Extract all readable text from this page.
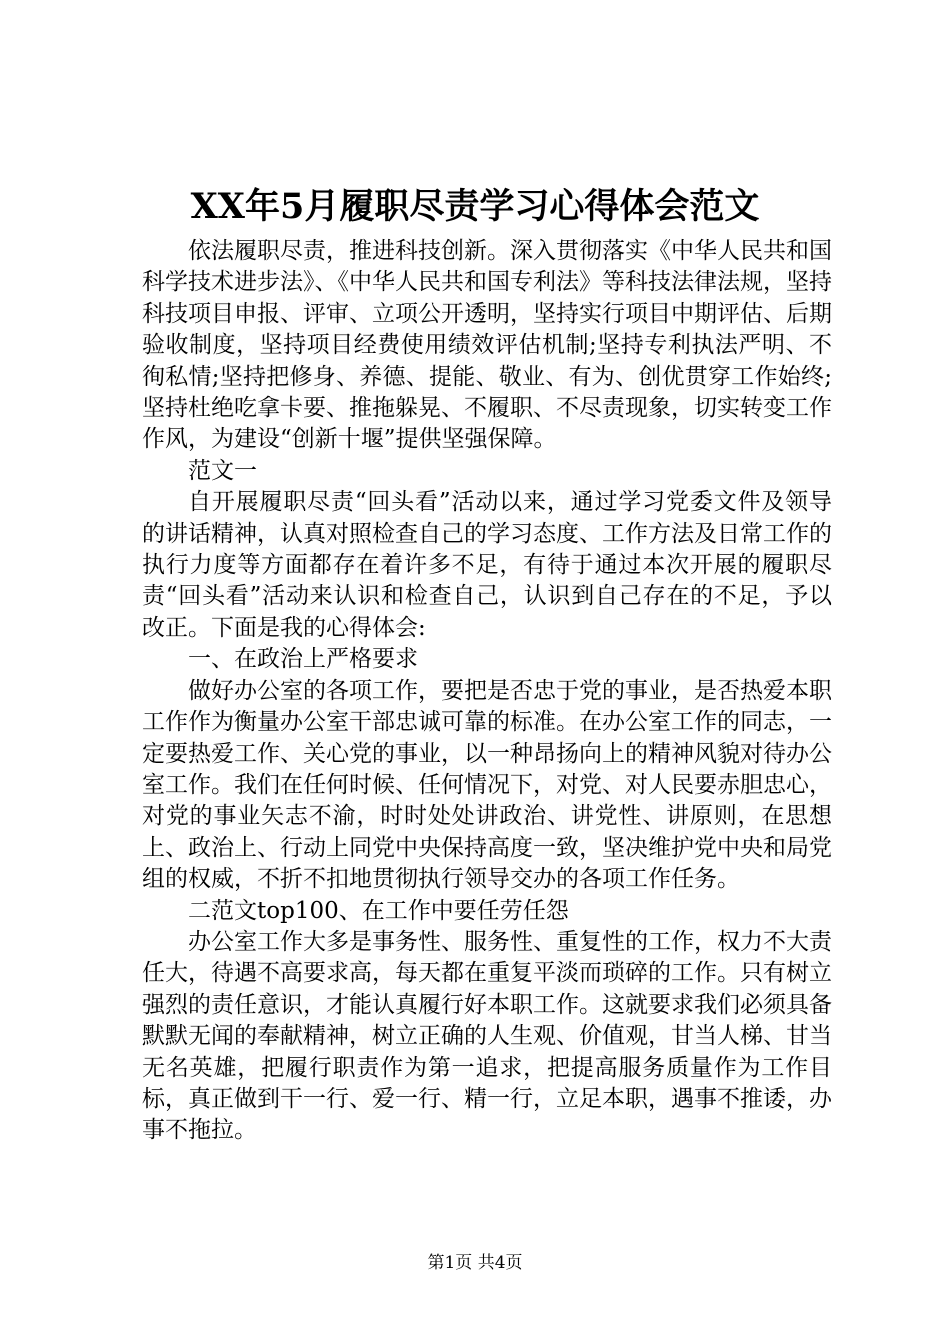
XX年5月履职尽责学习心得体会范文

依法履职尽责，推进科技创新。深入贯彻落实《中华人民共和国科学技术进步法》、《中华人民共和国专利法》等科技法律法规，坚持科技项目申报、评审、立项公开透明，坚持实行项目中期评估、后期验收制度，坚持项目经费使用绩效评估机制;坚持专利执法严明、不徇私情;坚持把修身、养德、提能、敬业、有为、创优贯穿工作始终;坚持杜绝吃拿卡要、推拖躲晃、不履职、不尽责现象，切实转变工作作风，为建设“创新十堰”提供坚强保障。

范文一

自开展履职尽责“回头看”活动以来，通过学习党委文件及领导的讲话精神，认真对照检查自己的学习态度、工作方法及日常工作的执行力度等方面都存在着许多不足，有待于通过本次开展的履职尽责“回头看”活动来认识和检查自己，认识到自己存在的不足，予以改正。下面是我的心得体会:

一、在政治上严格要求

做好办公室的各项工作，要把是否忠于党的事业，是否热爱本职工作作为衡量办公室干部忠诚可靠的标准。在办公室工作的同志，一定要热爱工作、关心党的事业，以一种昂扬向上的精神风貌对待办公室工作。我们在任何时候、任何情况下，对党、对人民要赤胆忠心，对党的事业矢志不渝，时时处处讲政治、讲党性、讲原则，在思想上、政治上、行动上同党中央保持高度一致，坚决维护党中央和局党组的权威，不折不扣地贯彻执行领导交办的各项工作任务。

二范文top100、在工作中要任劳任怨

办公室工作大多是事务性、服务性、重复性的工作，权力不大责任大，待遇不高要求高，每天都在重复平淡而琐碎的工作。只有树立强烈的责任意识，才能认真履行好本职工作。这就要求我们必须具备默默无闻的奉献精神，树立正确的人生观、价值观，甘当人梯、甘当无名英雄，把履行职责作为第一追求，把提高服务质量作为工作目标，真正做到干一行、爱一行、精一行，立足本职，遇事不推诿，办事不拖拉。

第1页 共4页
